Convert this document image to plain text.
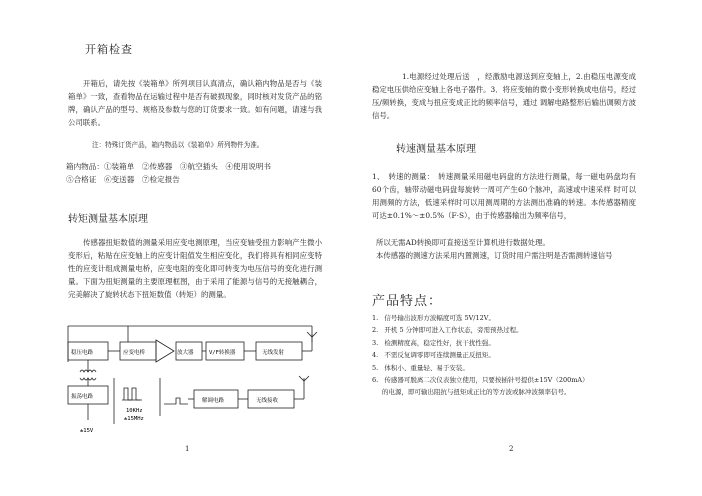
开箱检查
开箱后，请先按《装箱单》所列项目认真清点，确认箱内物品是否与《装箱单》一致，查看物品在运输过程中是否有破损现象，同时核对发货产品的铭牌，确认产品的型号、规格及参数与您的订货要求一致。如有问题，请速与我公司联系。
注：特殊订货产品，箱内物品以《装箱单》所列物件为准。
箱内物品：①装箱单　②传感器　③航空插头　④使用说明书
⑤合格证　⑥变送器　⑦检定报告
转矩测量基本原理
传感器扭矩数值的测量采用应变电测原理，当应变轴受扭力影响产生微小变形后，粘贴在应变轴上的应变计阻值发生相应变化，我们将具有相同应变特性的应变计组成测量电桥，应变电阻的变化即可转变为电压信号的变化进行测量。下面为扭矩测量的主要原理框图，由于采用了能源与信号的无接触耦合，完美解决了旋转状态下扭矩数值（转矩）的测量。
稳压电路	应变电桥	放大器	V/F转换器	无线发射
振荡电路
解调电路	无线接收
10KHz
±15MHz
±15V
1
1.电源经过处理后送　，经激励电源送到应变轴上，2.由稳压电源变成稳定电压供给应变轴上各电子器件。3．将应变轴的微小变形转换成电信号，经过压/频转换，变成与扭应变成正比的频率信号，通过 调解电路整形后输出调频方波信号。
转速测量基本原理
1、　转速的测量：　转速测量采用磁电码盘的方法进行测量，每一磁电码盘均有60个齿，轴带动磁电码盘每旋转一周可产生60个脉冲，高速或中速采样 时可以用测频的方法，低速采样时可以用测周期的方法测出准确的转速。本传感器精度可达±0.1%～±0.5%（F·S），由于传感器输出为频率信号，
所以无需AD转换即可直接送至计算机进行数据处理。
本传感器的测速方法采用内置测速，订货时用户需注明是否需测转速信号
产品特点：
1. 信号输出波形方波幅度可选 5V/12V。
2. 开机 5 分钟即可进入工作状态，旁需预热过程。
3. 检测精度高，稳定性好，抗干扰性强。
4. 不需反复调零即可连续测量正反扭矩。
5. 体积小、重量轻、易于安装。
6. 传感器可脱离二次仪表独立使用，只要按插针号提供±15V（200mA）
的电源，即可输出阻抗与扭矩成正比的等方波或脉冲波频率信号。
2
